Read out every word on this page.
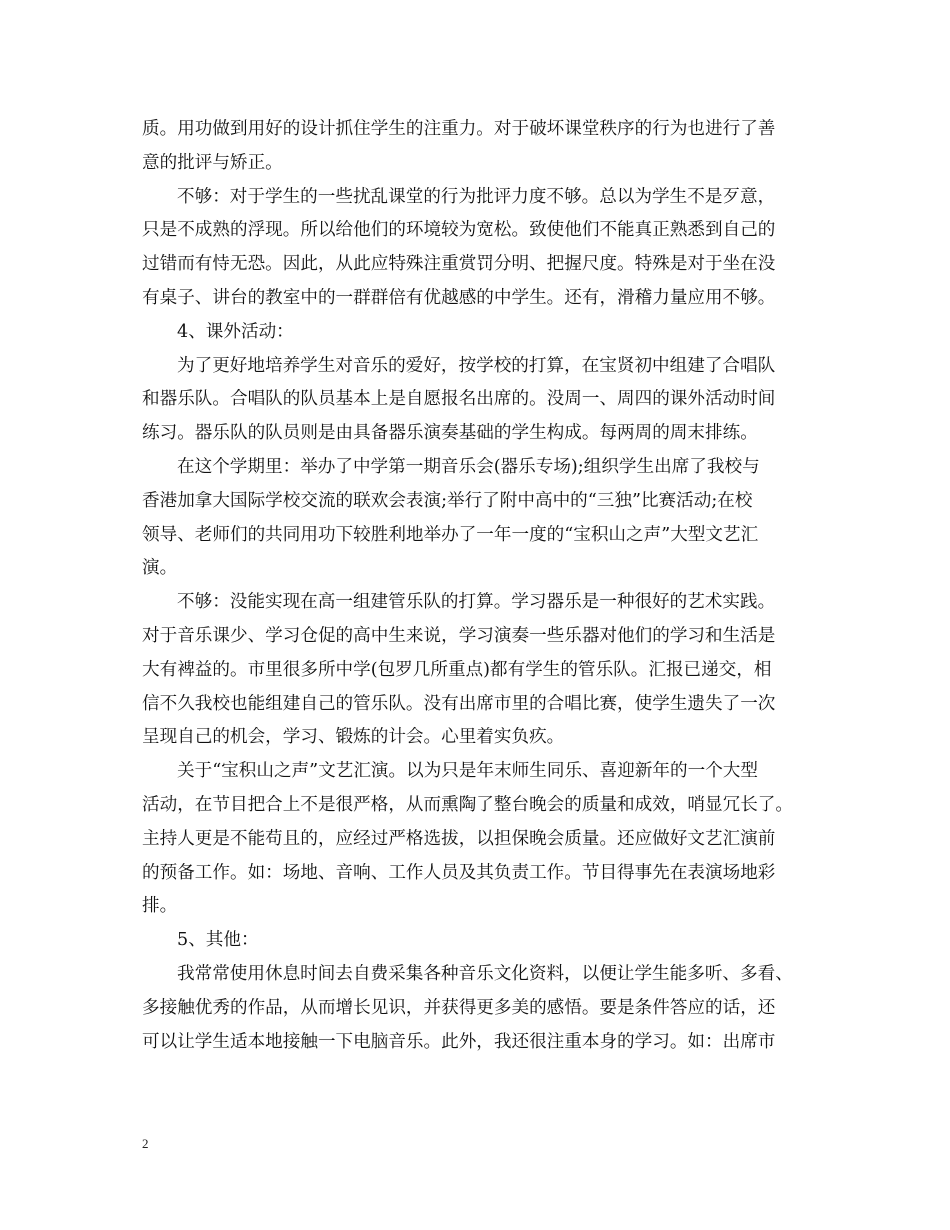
质。用功做到用好的设计抓住学生的注重力。对于破坏课堂秩序的行为也进行了善
意的批评与矫正。
不够：对于学生的一些扰乱课堂的行为批评力度不够。总以为学生不是歹意，
只是不成熟的浮现。所以给他们的环境较为宽松。致使他们不能真正熟悉到自己的
过错而有恃无恐。因此，从此应特殊注重赏罚分明、把握尺度。特殊是对于坐在没
有桌子、讲台的教室中的一群群倍有优越感的中学生。还有，滑稽力量应用不够。
4、课外活动：
为了更好地培养学生对音乐的爱好，按学校的打算，在宝贤初中组建了合唱队
和器乐队。合唱队的队员基本上是自愿报名出席的。没周一、周四的课外活动时间
练习。器乐队的队员则是由具备器乐演奏基础的学生构成。每两周的周末排练。
在这个学期里：举办了中学第一期音乐会(器乐专场);组织学生出席了我校与
香港加拿大国际学校交流的联欢会表演;举行了附中高中的“三独”比赛活动;在校
领导、老师们的共同用功下较胜利地举办了一年一度的“宝积山之声”大型文艺汇
演。
不够：没能实现在高一组建管乐队的打算。学习器乐是一种很好的艺术实践。
对于音乐课少、学习仓促的高中生来说，学习演奏一些乐器对他们的学习和生活是
大有裨益的。市里很多所中学(包罗几所重点)都有学生的管乐队。汇报已递交，相
信不久我校也能组建自己的管乐队。没有出席市里的合唱比赛，使学生遗失了一次
呈现自己的机会，学习、锻炼的计会。心里着实负疚。
关于“宝积山之声”文艺汇演。以为只是年末师生同乐、喜迎新年的一个大型
活动，在节目把合上不是很严格，从而熏陶了整台晚会的质量和成效，哨显冗长了。
主持人更是不能苟且的，应经过严格选拔，以担保晚会质量。还应做好文艺汇演前
的预备工作。如：场地、音响、工作人员及其负责工作。节目得事先在表演场地彩
排。
5、其他：
我常常使用休息时间去自费采集各种音乐文化资料，以便让学生能多听、多看、
多接触优秀的作品，从而增长见识，并获得更多美的感悟。要是条件答应的话，还
可以让学生适本地接触一下电脑音乐。此外，我还很注重本身的学习。如：出席市
2
